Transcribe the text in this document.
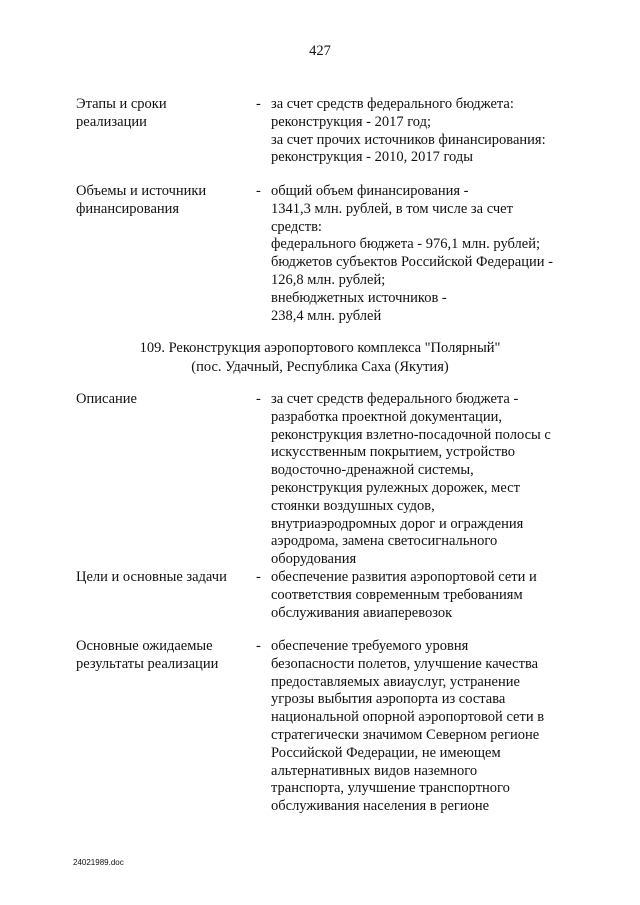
427
Этапы и сроки
реализации
- за счет средств федерального бюджета:
реконструкция - 2017 год;
за счет прочих источников финансирования:
реконструкция - 2010, 2017 годы
Объемы и источники
финансирования
- общий объем финансирования -
1341,3 млн. рублей, в том числе за счет
средств:
федерального бюджета - 976,1 млн. рублей;
бюджетов субъектов Российской Федерации -
126,8 млн. рублей;
внебюджетных источников -
238,4 млн. рублей
109. Реконструкция аэропортового комплекса "Полярный"
(пос. Удачный, Республика Саха (Якутия)
Описание	- за счет средств федерального бюджета -
разработка проектной документации,
реконструкция взлетно-посадочной полосы с
искусственным покрытием, устройство
водосточно-дренажной системы,
реконструкция рулежных дорожек, мест
стоянки воздушных судов,
внутриаэродромных дорог и ограждения
аэродрома, замена светосигнального
оборудования
Цели и основные задачи	- обеспечение развития аэропортовой сети и
соответствия современным требованиям
обслуживания авиаперевозок
Основные ожидаемые
результаты реализации
- обеспечение требуемого уровня
безопасности полетов, улучшение качества
предоставляемых авиауслуг, устранение
угрозы выбытия аэропорта из состава
национальной опорной аэропортовой сети в
стратегически значимом Северном регионе
Российской Федерации, не имеющем
альтернативных видов наземного
транспорта, улучшение транспортного
обслуживания населения в регионе
24021989.doc
